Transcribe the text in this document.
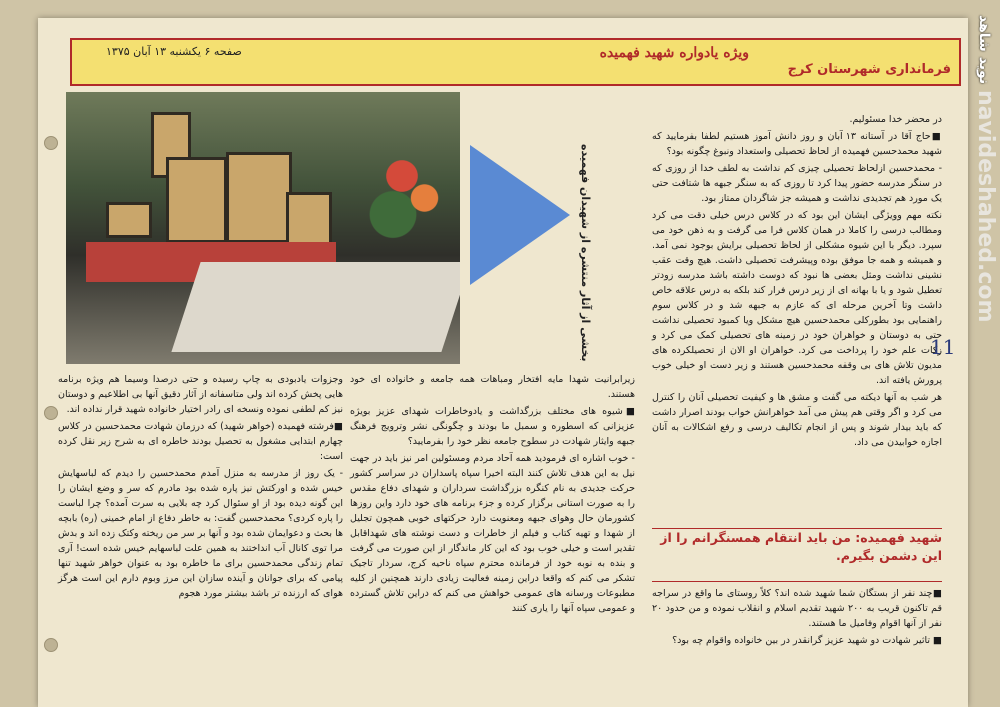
ویژه یادواره شهید فهمیده
صفحه ۶ یکشنبه ۱۳ آبان ۱۳۷۵
فرمانداری شهرستان کرج
بخشی از آثار منتشره از شهیدان فهمیده

در محضر خدا مسئولیم.

■حاج آقا در آستانه ۱۳ آبان و روز دانش آموز هستیم لطفا بفرمایید که شهید محمدحسین فهمیده از لحاظ تحصیلی واستعداد ونبوغ چگونه بود؟

- محمدحسین ازلحاظ تحصیلی چیزی کم نداشت به لطف خدا از روزی که در سنگر مدرسه حضور پیدا کرد تا روزی که به سنگر جبهه ها شتافت حتی یک مورد هم تجدیدی نداشت و همیشه جز شاگردان ممتاز بود.

نکته مهم وویژگی ایشان این بود که در کلاس درس خیلی دقت می کرد ومطالب درسی را کاملا در همان کلاس فرا می گرفت و به ذهن خود می سپرد. دیگر با این شیوه مشکلی از لحاظ تحصیلی برایش بوجود نمی آمد. و همیشه و همه جا موفق بوده وپیشرفت تحصیلی داشت. هیچ وقت عقب نشینی نداشت ومثل بعضی ها نبود که دوست داشته باشد مدرسه زودتر تعطیل شود و یا با بهانه ای از زیر درس فرار کند بلکه به درس علاقه خاص داشت وتا آخرین مرحله ای که عازم به جبهه شد و در کلاس سوم راهنمایی بود بطورکلی محمدحسین هیچ مشکل ویا کمبود تحصیلی نداشت حتی به دوستان و خواهران خود در زمینه های تحصیلی کمک می کرد و زکات علم خود را پرداخت می کرد. خواهران او الان از تحصیلکرده های مدیون تلاش های بی وقفه محمدحسین هستند و زیر دست او خیلی خوب پرورش یافته اند.

هر شب به آنها دیکته می گفت و مشق ها و کیفیت تحصیلی آنان را کنترل می کرد و اگر وقتی هم پیش می آمد خواهرانش خواب بودند اصرار داشت که باید بیدار شوند و پس از انجام تکالیف درسی و رفع اشکالات به آنان اجازه خوابیدن می داد.

شهید فهمیده: من باید انتقام همسنگرانم را از این دشمن بگیرم.

■چند نفر از بستگان شما شهید شده اند؟ کلاً روستای ما واقع در سراجه قم تاکنون قریب به ۲۰۰ شهید تقدیم اسلام و انقلاب نموده و من حدود ۲۰ نفر از آنها اقوام وفامیل ما هستند.

■ تاثیر شهادت دو شهید عزیز گرانقدر در بین خانواده واقوام چه بود؟

زیرابرانیت شهدا مایه افتخار ومباهات همه جامعه و خانواده ای خود هستند.

■شیوه های مختلف بزرگداشت و یادوخاطرات شهدای عزیز بویژه عزیزانی که اسطوره و سمبل ما بودند و چگونگی نشر وترویج فرهنگ جبهه وایثار شهادت در سطوح جامعه نظر خود را بفرمایید؟

- خوب اشاره ای فرمودید همه آحاد مردم ومسئولین امر نیز باید در جهت نیل به این هدف تلاش کنند البته اخیرا سپاه پاسداران در سراسر کشور حرکت جدیدی به نام کنگره بزرگداشت سرداران و شهدای دفاع مقدس را به صورت استانی برگزار کرده و جزء برنامه های خود دارد واین روزها کشورمان حال وهوای جبهه ومعنویت دارد حرکتهای خوبی همچون تجلیل از شهدا و تهیه کتاب و فیلم از خاطرات و دست نوشته های شهداقابل تقدیر است و خیلی خوب بود که این کار ماندگار از این صورت می گرفت و بنده به نوبه خود از فرمانده محترم سپاه ناحیه کرج، سردار تاجیک تشکر می کنم که واقعا دراین زمینه فعالیت زیادی دارند همچنین از کلیه مطبوعات ورسانه های عمومی خواهش می کنم که دراین تلاش گسترده و عمومی سپاه آنها را یاری کنند

وجزوات یادبودی به چاپ رسیده و حتی درصدا وسیما هم ویژه برنامه هایی پخش کرده اند ولی متاسفانه از آثار دقیق آنها بی اطلاعیم و دوستان نیز کم لطفی نموده ونسخه ای رادر اختیار خانواده شهید قرار نداده اند.

■فرشته فهمیده (خواهر شهید) که درزمان شهادت محمدحسین در کلاس چهارم ابتدایی مشغول به تحصیل بودند خاطره ای به شرح زیر نقل کرده است:

- یک روز از مدرسه به منزل آمدم محمدحسین را دیدم که لباسهایش خیس شده و اورکتش نیز پاره شده بود مادرم که سر و وضع ایشان را این گونه دیده بود از او سئوال کرد چه بلایی به سرت آمده؟ چرا لباست را پاره کردی؟ محمدحسین گفت: به خاطر دفاع از امام خمینی (ره) بابچه ها بحث و دعوایمان شده بود و آنها بر سر من ریخته وکتک زده اند و بدش مرا توی کانال آب انداختند به همین علت لباسهایم خیس شده است! آری تمام زندگی محمدحسین برای ما خاطره بود به عنوان خواهر شهید تنها پیامی که برای جوانان و آینده سازان این مرز وبوم دارم این است هرگز هوای که ارزنده تر باشد بیشتر مورد هجوم

11
نوید شاهد
navideshahed.com
